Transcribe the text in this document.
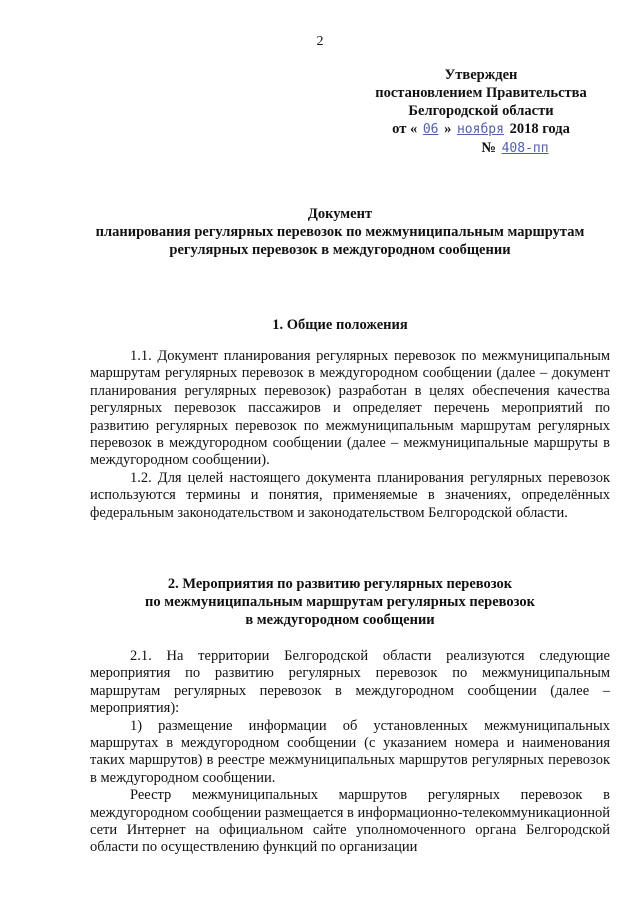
2
Утвержден
постановлением Правительства
Белгородской области
от « 06 » ноября 2018 года
№ 408-пп
Документ
планирования регулярных перевозок по межмуниципальным маршрутам
регулярных перевозок в междугородном сообщении
1. Общие положения

1.1. Документ планирования регулярных перевозок по межмуниципальным маршрутам регулярных перевозок в междугородном сообщении (далее – документ планирования регулярных перевозок) разработан в целях обеспечения качества регулярных перевозок пассажиров и определяет перечень мероприятий по развитию регулярных перевозок по межмуниципальным маршрутам регулярных перевозок в междугородном сообщении (далее – межмуниципальные маршруты в междугородном сообщении).

1.2. Для целей настоящего документа планирования регулярных перевозок используются термины и понятия, применяемые в значениях, определённых федеральным законодательством и законодательством Белгородской области.

2. Мероприятия по развитию регулярных перевозок
по межмуниципальным маршрутам регулярных перевозок
в междугородном сообщении

2.1. На территории Белгородской области реализуются следующие мероприятия по развитию регулярных перевозок по межмуниципальным маршрутам регулярных перевозок в междугородном сообщении (далее – мероприятия):

1) размещение информации об установленных межмуниципальных маршрутах в междугородном сообщении (с указанием номера и наименования таких маршрутов) в реестре межмуниципальных маршрутов регулярных перевозок в междугородном сообщении.

Реестр межмуниципальных маршрутов регулярных перевозок в междугородном сообщении размещается в информационно-телекоммуникационной сети Интернет на официальном сайте уполномоченного органа Белгородской области по осуществлению функций по организации
